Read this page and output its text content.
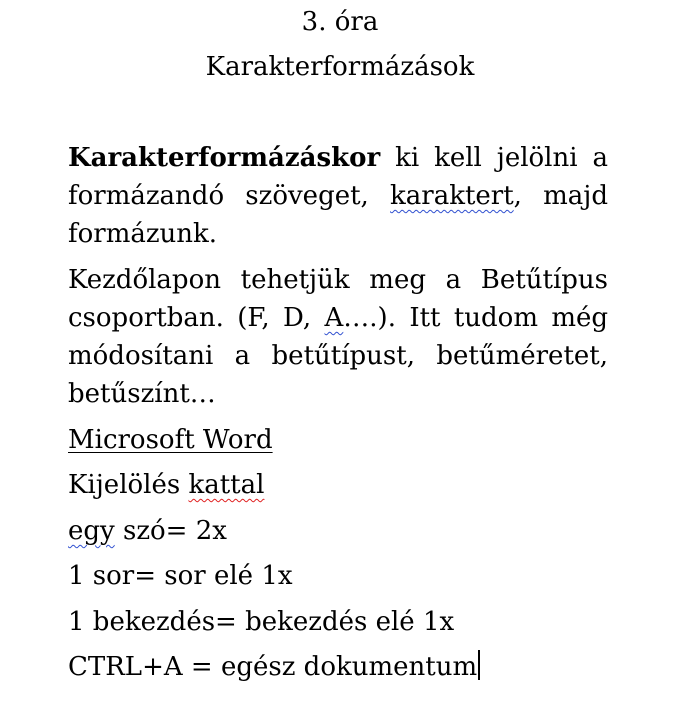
3. óra
Karakterformázások
Karakterformázáskor ki kell jelölni a formázandó szöveget, karaktert, majd formázunk.
Kezdőlapon tehetjük meg a Betűtípus csoportban. (F, D, A….). Itt tudom még módosítani a betűtípust, betűméretet, betűszínt…
Microsoft Word
Kijelölés kattal
egy szó= 2x
1 sor= sor elé 1x
1 bekezdés= bekezdés elé 1x
CTRL+A = egész dokumentum
